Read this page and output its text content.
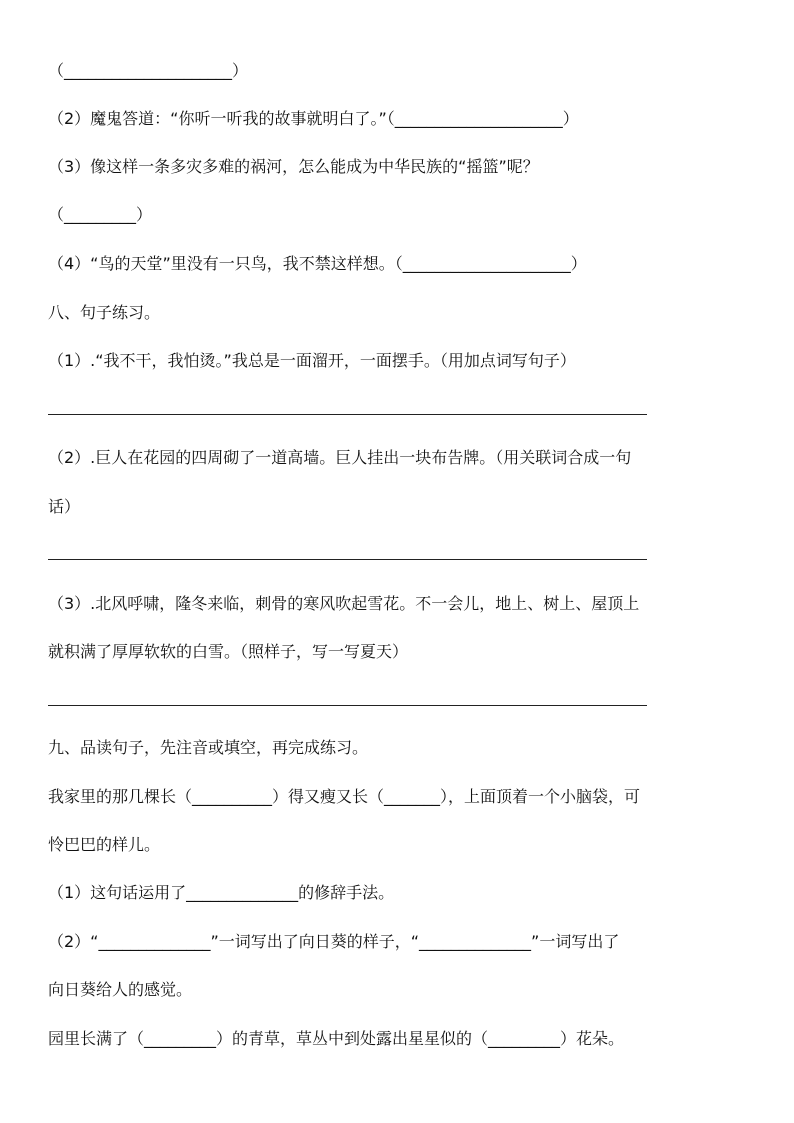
（_____________________）
（2）魔鬼答道：“你听一听我的故事就明白了。”（_____________________）
（3）像这样一条多灾多难的祸河，怎么能成为中华民族的“摇篮”呢？
（_________）
（4）“鸟的天堂”里没有一只鸟，我不禁这样想。（_____________________）
八、句子练习。
（1）.“我不干，我怕烫。”我总是一面溜开，一面摆手。（用加点词写句子）
（2）.巨人在花园的四周砌了一道高墙。巨人挂出一块布告牌。（用关联词合成一句
话）
（3）.北风呼啸，隆冬来临，刺骨的寒风吹起雪花。不一会儿，地上、树上、屋顶上
就积满了厚厚软软的白雪。（照样子，写一写夏天）
九、品读句子，先注音或填空，再完成练习。
我家里的那几棵长（__________）得又瘦又长（_______），上面顶着一个小脑袋，可
怜巴巴的样儿。
（1）这句话运用了______________的修辞手法。
（2）“______________”一词写出了向日葵的样子，“______________”一词写出了
向日葵给人的感觉。
园里长满了（_________）的青草，草丛中到处露出星星似的（_________）花朵。
